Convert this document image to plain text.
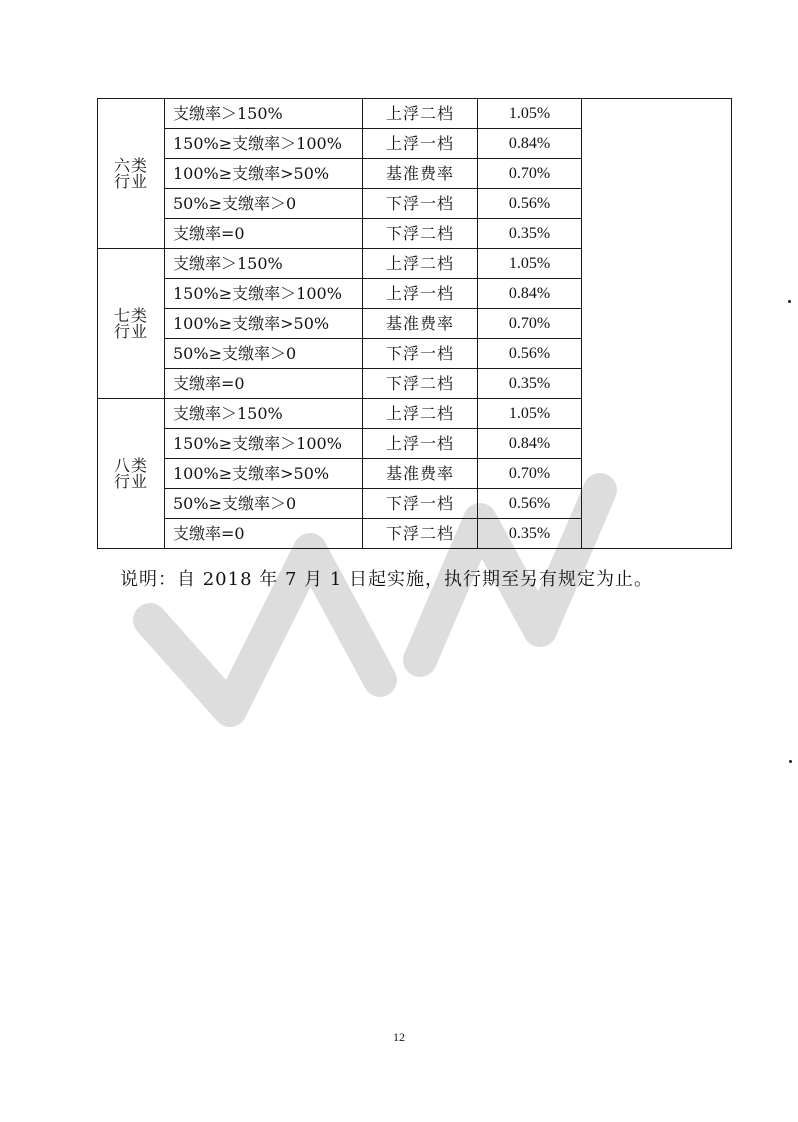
六类
行业	支缴率＞150%	上浮二档	1.05%	
	150%≥支缴率＞100%	上浮一档	0.84%	
	100%≥支缴率>50%	基准费率	0.70%	
	50%≥支缴率＞0	下浮一档	0.56%	
	支缴率=0	下浮二档	0.35%	

七类
行业	支缴率＞150%	上浮二档	1.05%	
	150%≥支缴率＞100%	上浮一档	0.84%	
	100%≥支缴率>50%	基准费率	0.70%	
	50%≥支缴率＞0	下浮一档	0.56%	
	支缴率=0	下浮二档	0.35%	

八类
行业	支缴率＞150%	上浮二档	1.05%	
	150%≥支缴率＞100%	上浮一档	0.84%	
	100%≥支缴率>50%	基准费率	0.70%	
	50%≥支缴率＞0	下浮一档	0.56%	
	支缴率=0	下浮二档	0.35%	
说明：自 2018 年 7 月 1 日起实施，执行期至另有规定为止。
12
